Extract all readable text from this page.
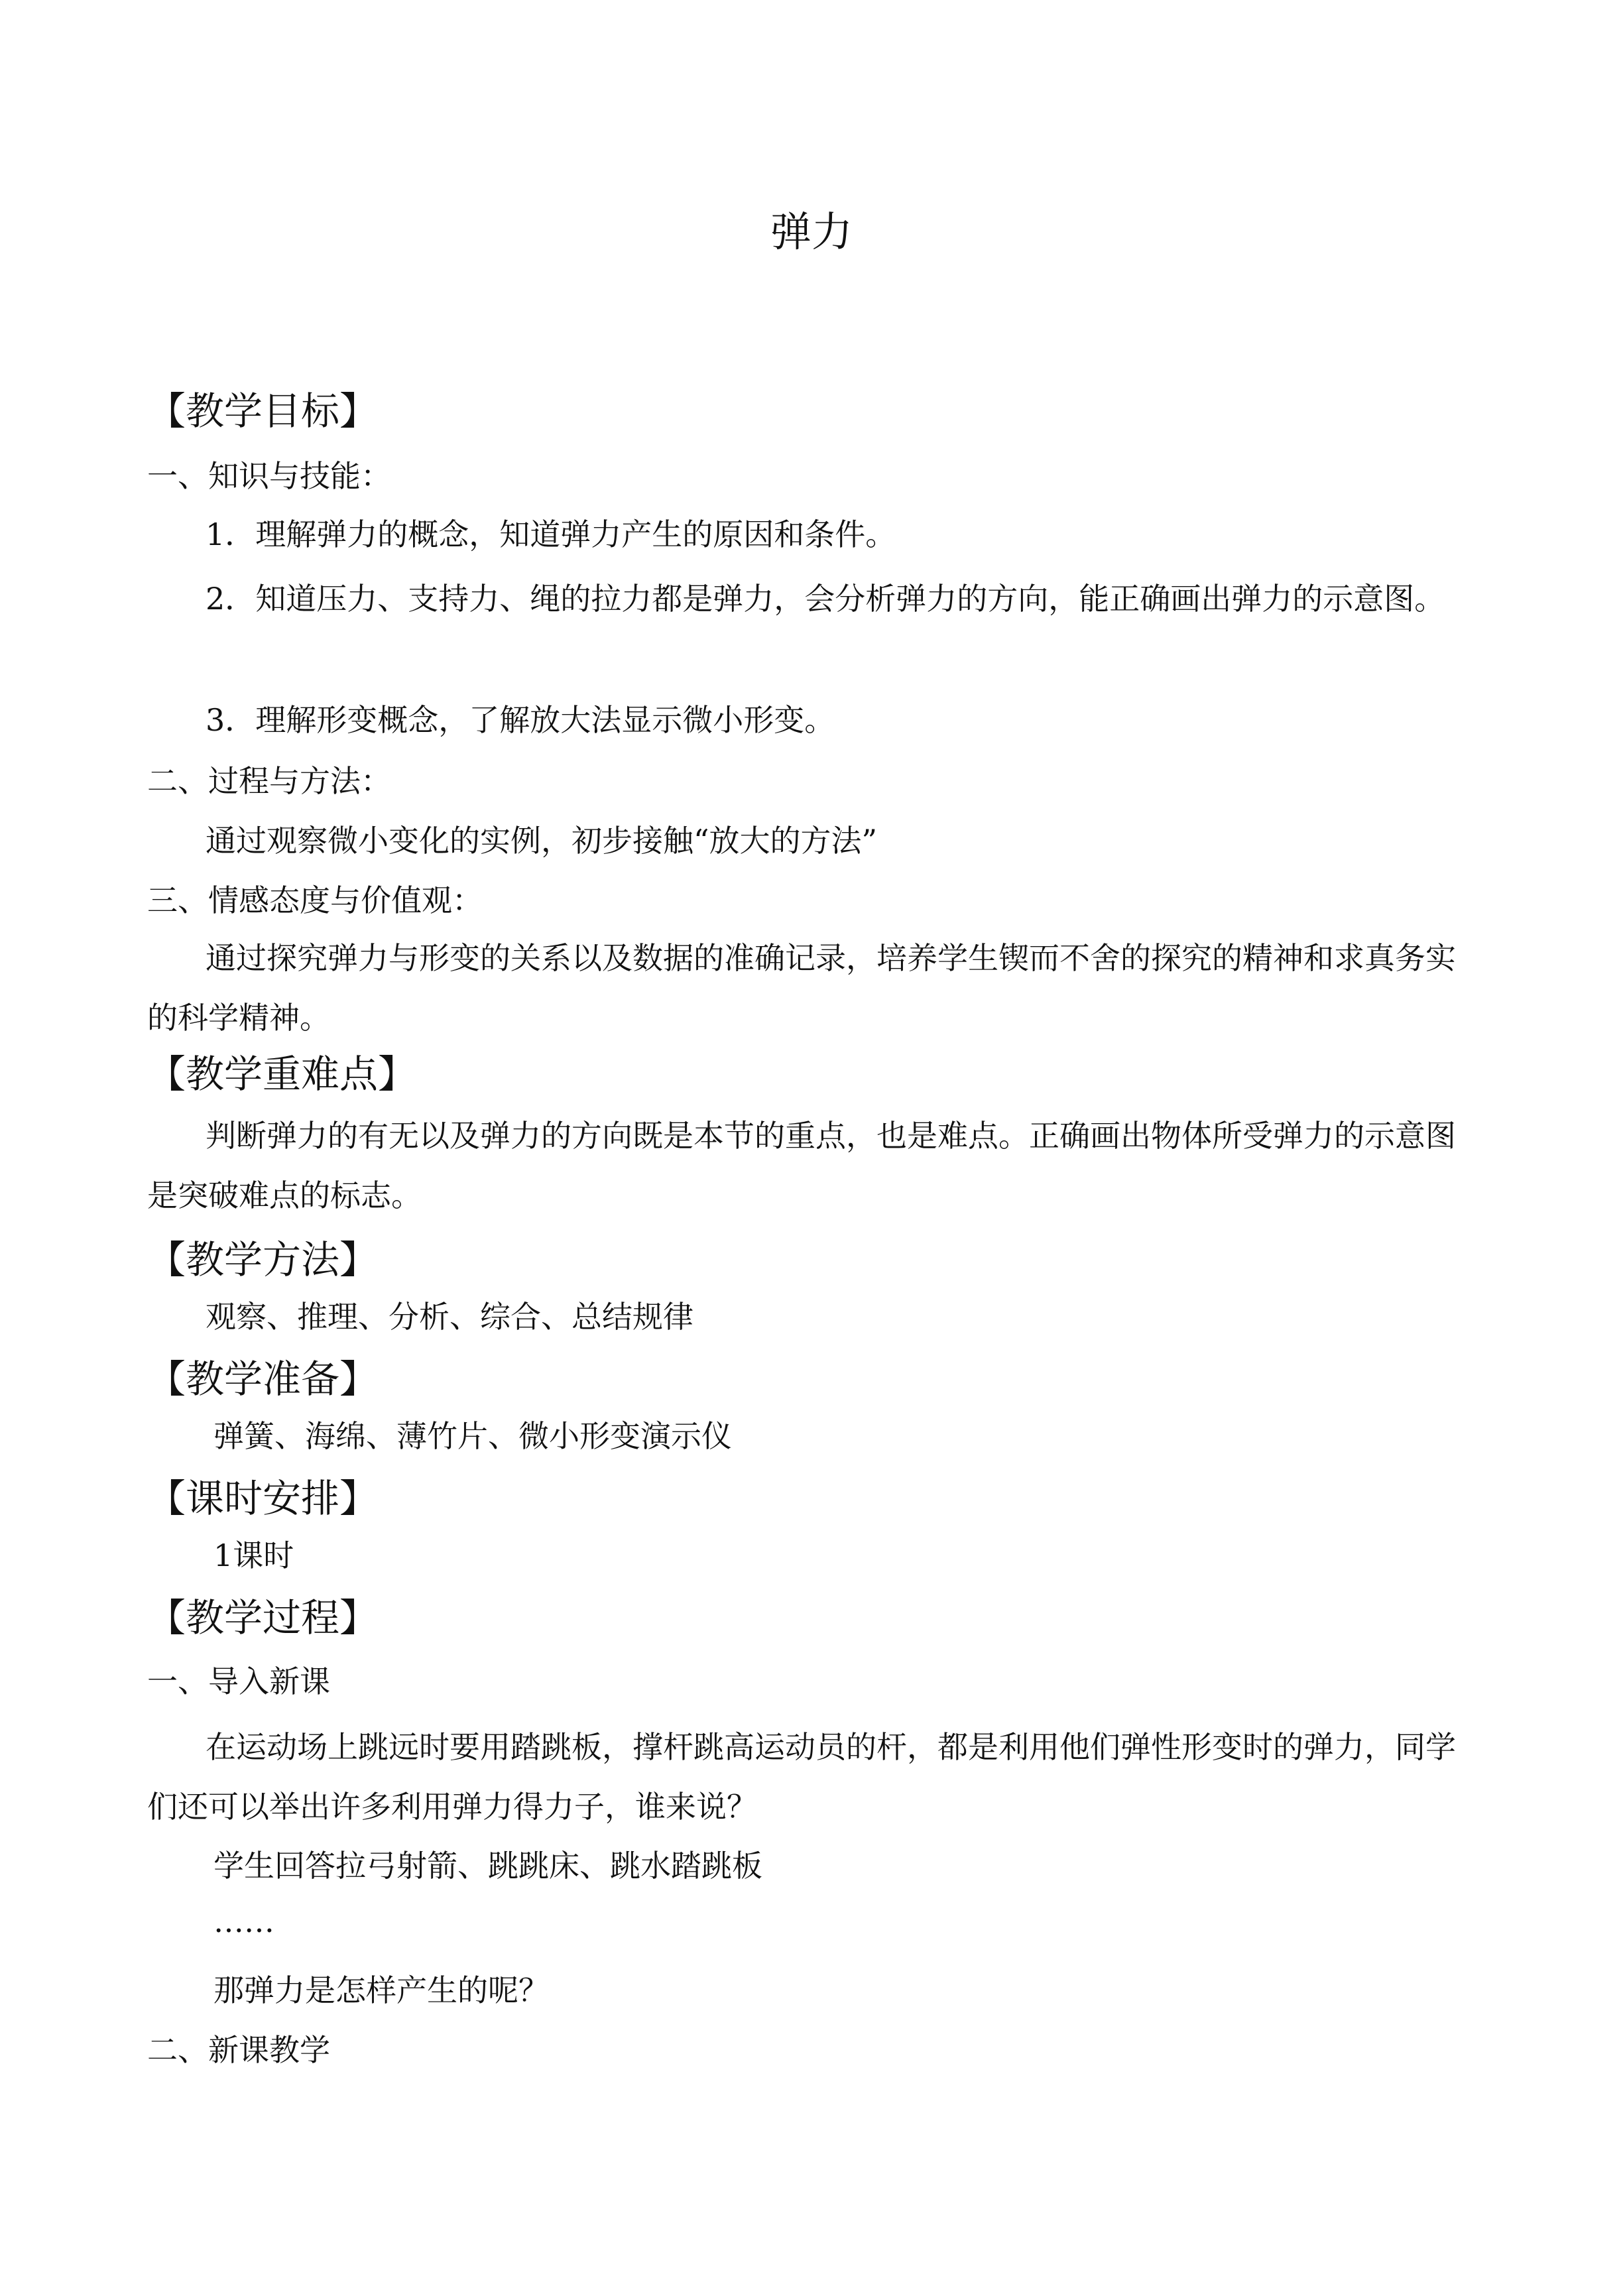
弹力
【教学目标】
一、知识与技能：
1．理解弹力的概念，知道弹力产生的原因和条件。
2．知道压力、支持力、绳的拉力都是弹力，会分析弹力的方向，能正确画出弹力的示意图。
3．理解形变概念，了解放大法显示微小形变。
二、过程与方法：
通过观察微小变化的实例，初步接触“放大的方法”
三、情感态度与价值观：
通过探究弹力与形变的关系以及数据的准确记录，培养学生锲而不舍的探究的精神和求真务实的科学精神。
【教学重难点】
判断弹力的有无以及弹力的方向既是本节的重点，也是难点。正确画出物体所受弹力的示意图是突破难点的标志。
【教学方法】
观察、推理、分析、综合、总结规律
【教学准备】
弹簧、海绵、薄竹片、微小形变演示仪
【课时安排】
1课时
【教学过程】
一、导入新课
在运动场上跳远时要用踏跳板，撑杆跳高运动员的杆，都是利用他们弹性形变时的弹力，同学们还可以举出许多利用弹力得力子，谁来说？
学生回答拉弓射箭、跳跳床、跳水踏跳板
……
那弹力是怎样产生的呢？
二、新课教学
